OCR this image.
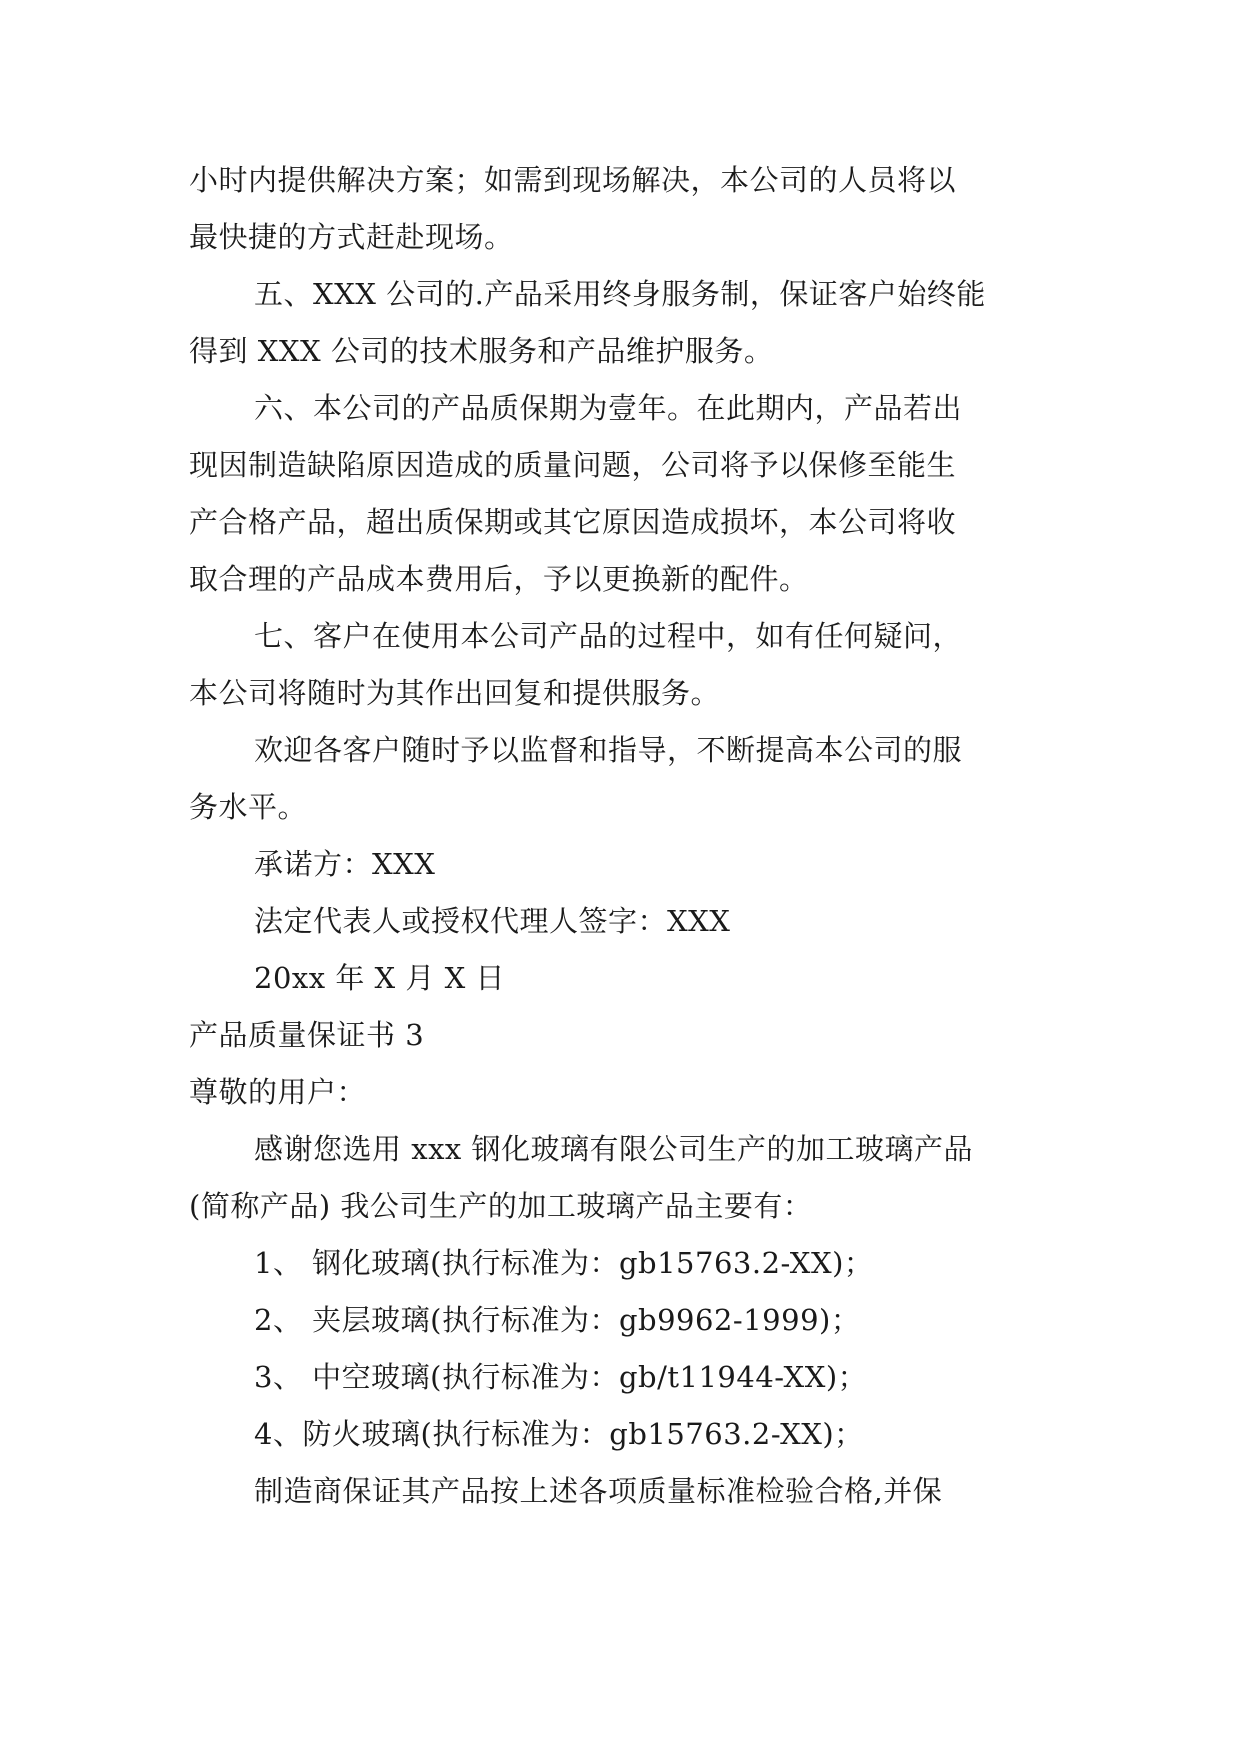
小时内提供解决方案；如需到现场解决，本公司的人员将以
最快捷的方式赶赴现场。
五、XXX 公司的.产品采用终身服务制，保证客户始终能
得到 XXX 公司的技术服务和产品维护服务。
六、本公司的产品质保期为壹年。在此期内，产品若出
现因制造缺陷原因造成的质量问题，公司将予以保修至能生
产合格产品，超出质保期或其它原因造成损坏，本公司将收
取合理的产品成本费用后，予以更换新的配件。
七、客户在使用本公司产品的过程中，如有任何疑问，
本公司将随时为其作出回复和提供服务。
欢迎各客户随时予以监督和指导，不断提高本公司的服
务水平。
承诺方：XXX
法定代表人或授权代理人签字：XXX
20xx 年 X 月 X 日
产品质量保证书 3
尊敬的用户：
感谢您选用 xxx 钢化玻璃有限公司生产的加工玻璃产品
(简称产品) 我公司生产的加工玻璃产品主要有：
1、 钢化玻璃(执行标准为：gb15763.2-XX)；
2、 夹层玻璃(执行标准为：gb9962-1999)；
3、 中空玻璃(执行标准为：gb/t11944-XX)；
4、防火玻璃(执行标准为：gb15763.2-XX)；
制造商保证其产品按上述各项质量标准检验合格,并保
